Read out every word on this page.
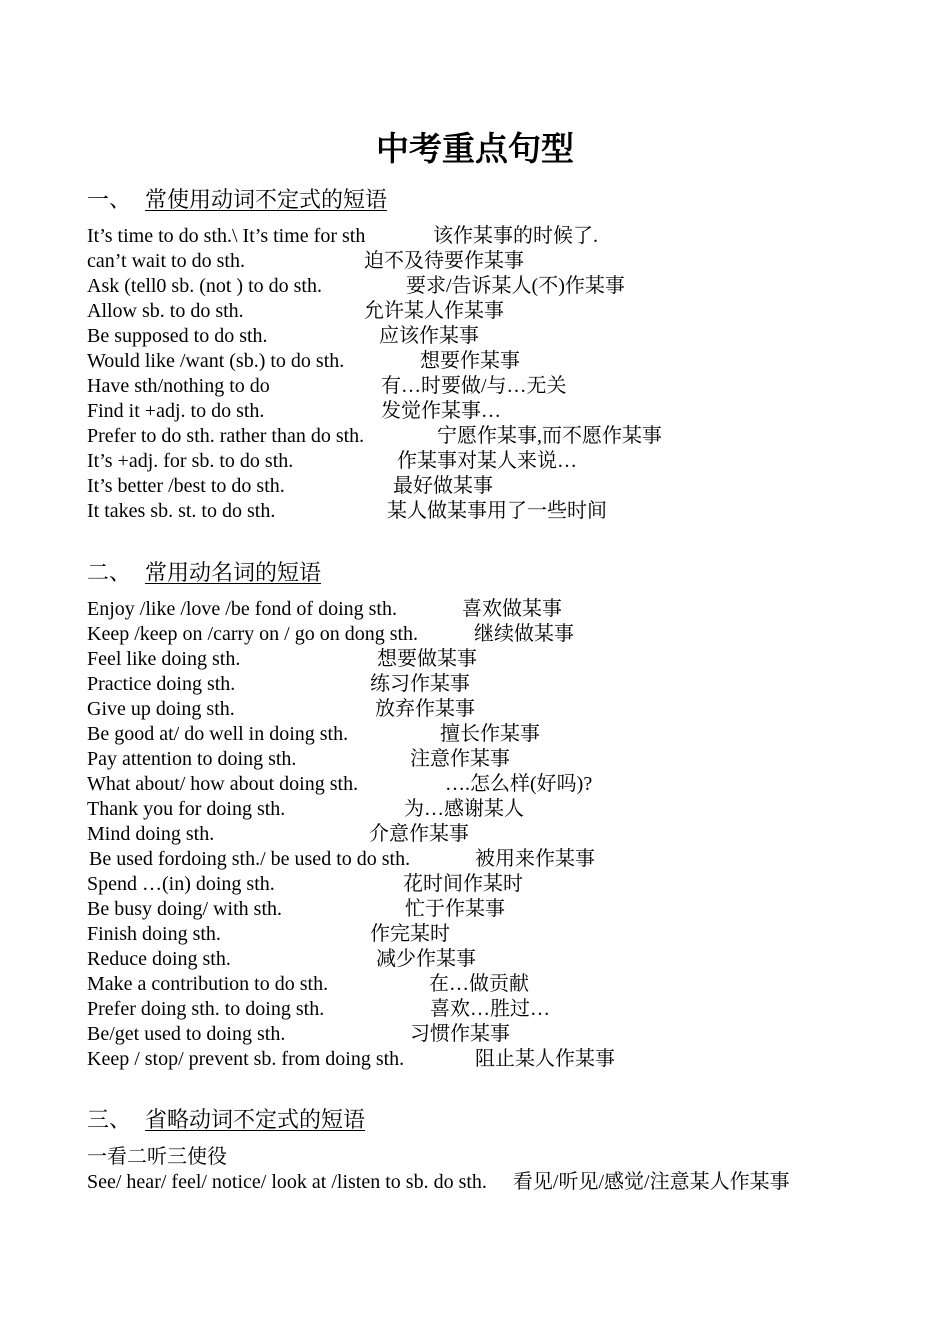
中考重点句型
一、 常使用动词不定式的短语
It’s time to do sth.\ It’s time for sth	该作某事的时候了.
can’t wait to do sth.	迫不及待要作某事
Ask (tell0 sb. (not ) to do sth.	要求/告诉某人(不)作某事
Allow sb. to do sth.	允许某人作某事
Be supposed to do sth.	应该作某事
Would like /want (sb.) to do sth.	想要作某事
Have sth/nothing to do	有…时要做/与…无关
Find it +adj. to do sth.	发觉作某事…
Prefer to do sth. rather than do sth.	宁愿作某事,而不愿作某事
It’s +adj. for sb. to do sth.	作某事对某人来说…
It’s better /best to do sth.	最好做某事
It takes sb. st. to do sth.	某人做某事用了一些时间
二、 常用动名词的短语
Enjoy /like /love /be fond of doing sth.	喜欢做某事
Keep /keep on /carry on / go on dong sth.	继续做某事
Feel like doing sth.	想要做某事
Practice doing sth.	练习作某事
Give up doing sth.	放弃作某事
Be good at/ do well in doing sth.	擅长作某事
Pay attention to doing sth.	注意作某事
What about/ how about doing sth.	….怎么样(好吗)?
Thank you for doing sth.	为…感谢某人
Mind doing sth.	介意作某事
Be used fordoing sth./ be used to do sth.	被用来作某事
Spend …(in) doing sth.	花时间作某时
Be busy doing/ with sth.	忙于作某事
Finish doing sth.	作完某时
Reduce doing sth.	减少作某事
Make a contribution to do sth.	在…做贡献
Prefer doing sth. to doing sth.	喜欢…胜过…
Be/get used to doing sth.	习惯作某事
Keep / stop/ prevent sb. from doing sth.	阻止某人作某事
三、 省略动词不定式的短语
一看二听三使役

See/ hear/ feel/ notice/ look at /listen to sb. do sth. 看见/听见/感觉/注意某人作某事
